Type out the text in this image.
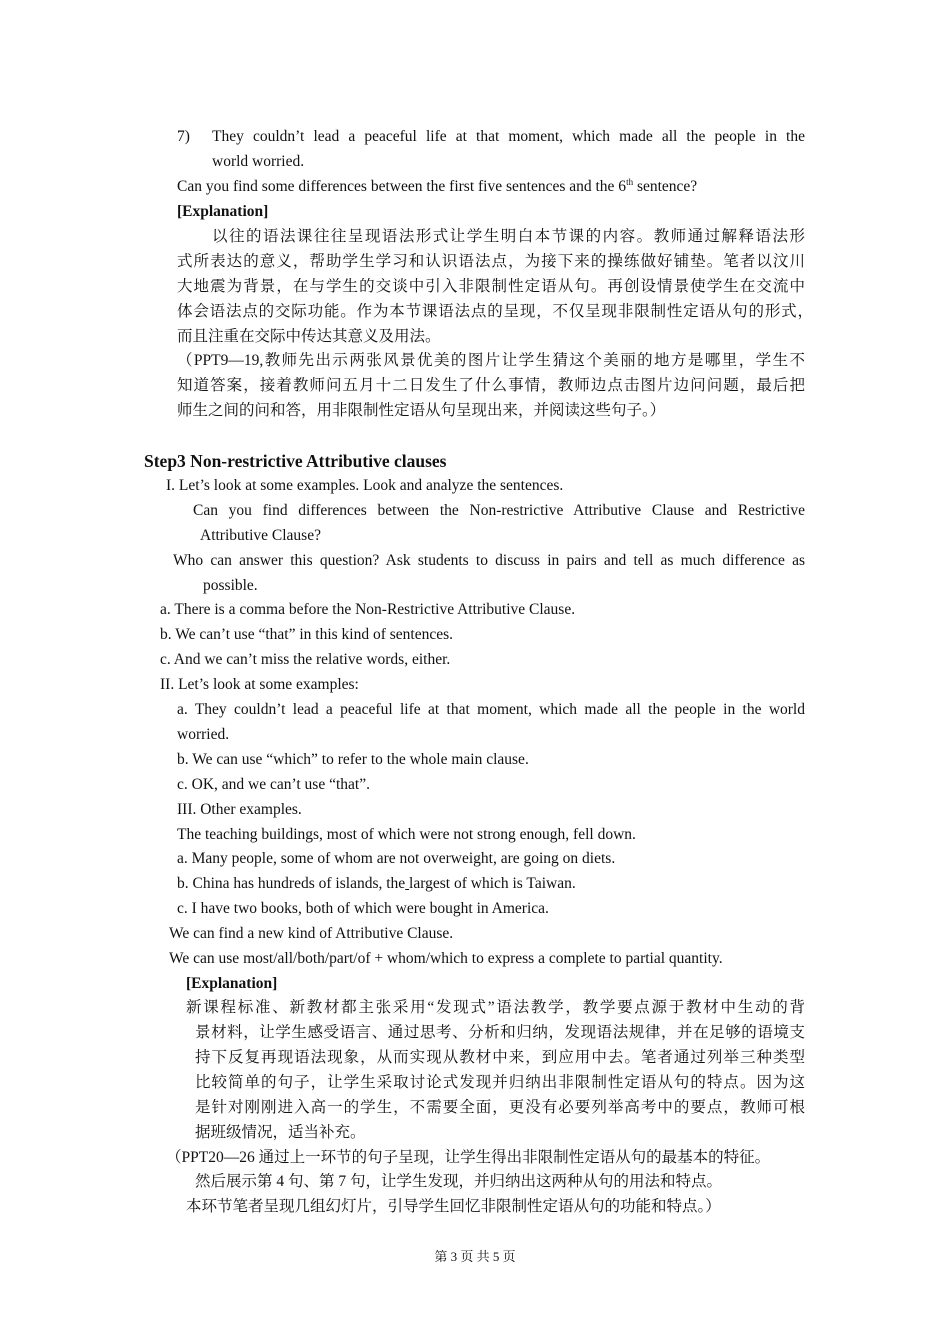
7) They couldn’t lead a peaceful life at that moment, which made all the people in the
world worried.
Can you find some differences between the first five sentences and the 6th sentence?
[Explanation]
以往的语法课往往呈现语法形式让学生明白本节课的内容。教师通过解释语法形
式所表达的意义，帮助学生学习和认识语法点，为接下来的操练做好铺垫。笔者以汶川
大地震为背景，在与学生的交谈中引入非限制性定语从句。再创设情景使学生在交流中
体会语法点的交际功能。作为本节课语法点的呈现，不仅呈现非限制性定语从句的形式，
而且注重在交际中传达其意义及用法。
（PPT9—19,教师先出示两张风景优美的图片让学生猜这个美丽的地方是哪里，学生不
知道答案，接着教师问五月十二日发生了什么事情，教师边点击图片边问问题，最后把
师生之间的问和答，用非限制性定语从句呈现出来，并阅读这些句子。）
Step3 Non-restrictive Attributive clauses
I. Let’s look at some examples. Look and analyze the sentences.
Can you find differences between the Non-restrictive Attributive Clause and Restrictive
Attributive Clause?
Who can answer this question? Ask students to discuss in pairs and tell as much difference as
possible.
a. There is a comma before the Non-Restrictive Attributive Clause.
b. We can’t use “that” in this kind of sentences.
c. And we can’t miss the relative words, either.
II. Let’s look at some examples:
a. They couldn’t lead a peaceful life at that moment, which made all the people in the world
worried.
b. We can use “which” to refer to the whole main clause.
c. OK, and we can’t use “that”.
III. Other examples.
The teaching buildings, most of which were not strong enough, fell down.
a. Many people, some of whom are not overweight, are going on diets.
b. China has hundreds of islands, the largest of which is Taiwan.
c. I have two books, both of which were bought in America.
We can find a new kind of Attributive Clause.
We can use most/all/both/part/of + whom/which to express a complete to partial quantity.
[Explanation]
新课程标准、新教材都主张采用“发现式”语法教学，教学要点源于教材中生动的背
景材料，让学生感受语言、通过思考、分析和归纳，发现语法规律，并在足够的语境支
持下反复再现语法现象，从而实现从教材中来，到应用中去。笔者通过列举三种类型
比较简单的句子，让学生采取讨论式发现并归纳出非限制性定语从句的特点。因为这
是针对刚刚进入高一的学生，不需要全面，更没有必要列举高考中的要点，教师可根
据班级情况，适当补充。
（PPT20—26 通过上一环节的句子呈现，让学生得出非限制性定语从句的最基本的特征。
然后展示第 4 句、第 7 句，让学生发现，并归纳出这两种从句的用法和特点。
本环节笔者呈现几组幻灯片，引导学生回忆非限制性定语从句的功能和特点。）
第 3 页 共 5 页
